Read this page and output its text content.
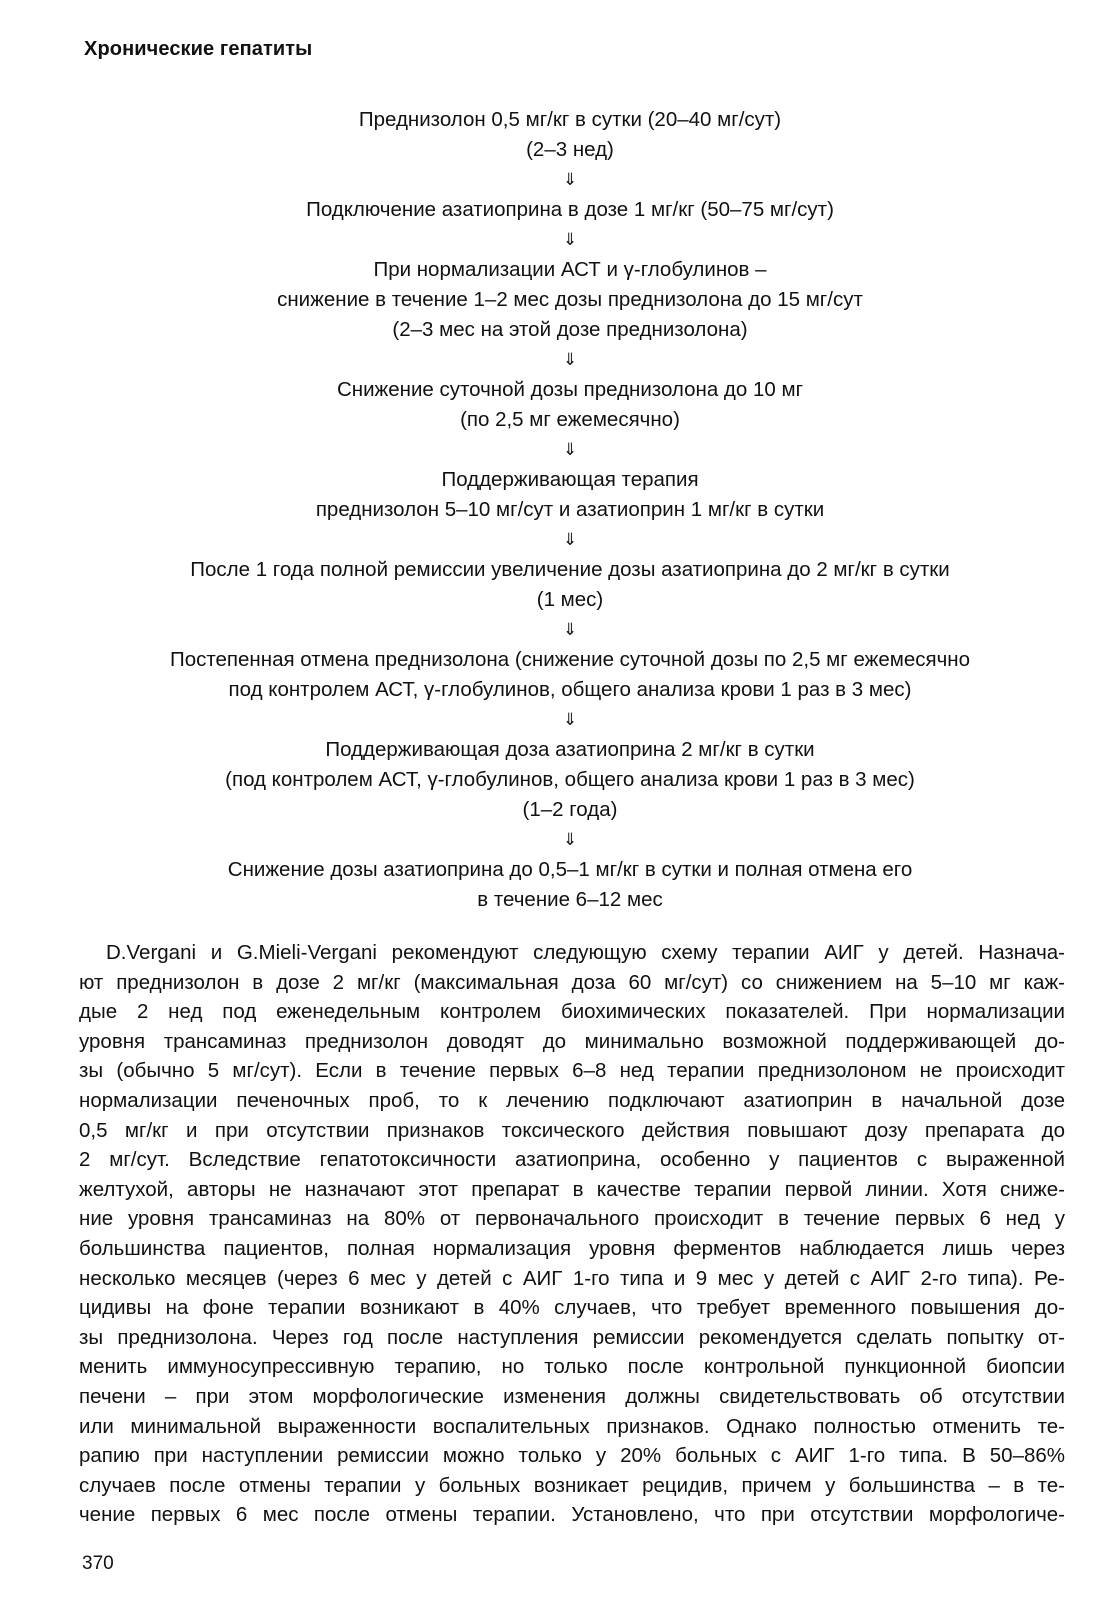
Хронические гепатиты
Преднизолон 0,5 мг/кг в сутки (20–40 мг/сут)
(2–3 нед)
⇓
Подключение азатиоприна в дозе 1 мг/кг (50–75 мг/сут)
⇓
При нормализации АСТ и γ-глобулинов –
снижение в течение 1–2 мес дозы преднизолона до 15 мг/сут
(2–3 мес на этой дозе преднизолона)
⇓
Снижение суточной дозы преднизолона до 10 мг
(по 2,5 мг ежемесячно)
⇓
Поддерживающая терапия
преднизолон 5–10 мг/сут и азатиоприн 1 мг/кг в сутки
⇓
После 1 года полной ремиссии увеличение дозы азатиоприна до 2 мг/кг в сутки
(1 мес)
⇓
Постепенная отмена преднизолона (снижение суточной дозы по 2,5 мг ежемесячно
под контролем АСТ, γ-глобулинов, общего анализа крови 1 раз в 3 мес)
⇓
Поддерживающая доза азатиоприна 2 мг/кг в сутки
(под контролем АСТ, γ-глобулинов, общего анализа крови 1 раз в 3 мес)
(1–2 года)
⇓
Снижение дозы азатиоприна до 0,5–1 мг/кг в сутки и полная отмена его
в течение 6–12 мес
D.Vergani и G.Mieli-Vergani рекомендуют следующую схему терапии АИГ у детей. Назнача-
ют преднизолон в дозе 2 мг/кг (максимальная доза 60 мг/сут) со снижением на 5–10 мг каж-
дые 2 нед под еженедельным контролем биохимических показателей. При нормализации
уровня трансаминаз преднизолон доводят до минимально возможной поддерживающей до-
зы (обычно 5 мг/сут). Если в течение первых 6–8 нед терапии преднизолоном не происходит
нормализации печеночных проб, то к лечению подключают азатиоприн в начальной дозе
0,5 мг/кг и при отсутствии признаков токсического действия повышают дозу препарата до
2 мг/сут. Вследствие гепатотоксичности азатиоприна, особенно у пациентов с выраженной
желтухой, авторы не назначают этот препарат в качестве терапии первой линии. Хотя сниже-
ние уровня трансаминаз на 80% от первоначального происходит в течение первых 6 нед у
большинства пациентов, полная нормализация уровня ферментов наблюдается лишь через
несколько месяцев (через 6 мес у детей с АИГ 1-го типа и 9 мес у детей с АИГ 2-го типа). Ре-
цидивы на фоне терапии возникают в 40% случаев, что требует временного повышения до-
зы преднизолона. Через год после наступления ремиссии рекомендуется сделать попытку от-
менить иммуносупрессивную терапию, но только после контрольной пункционной биопсии
печени – при этом морфологические изменения должны свидетельствовать об отсутствии
или минимальной выраженности воспалительных признаков. Однако полностью отменить те-
рапию при наступлении ремиссии можно только у 20% больных с АИГ 1-го типа. В 50–86%
случаев после отмены терапии у больных возникает рецидив, причем у большинства – в те-
чение первых 6 мес после отмены терапии. Установлено, что при отсутствии морфологиче-
370
